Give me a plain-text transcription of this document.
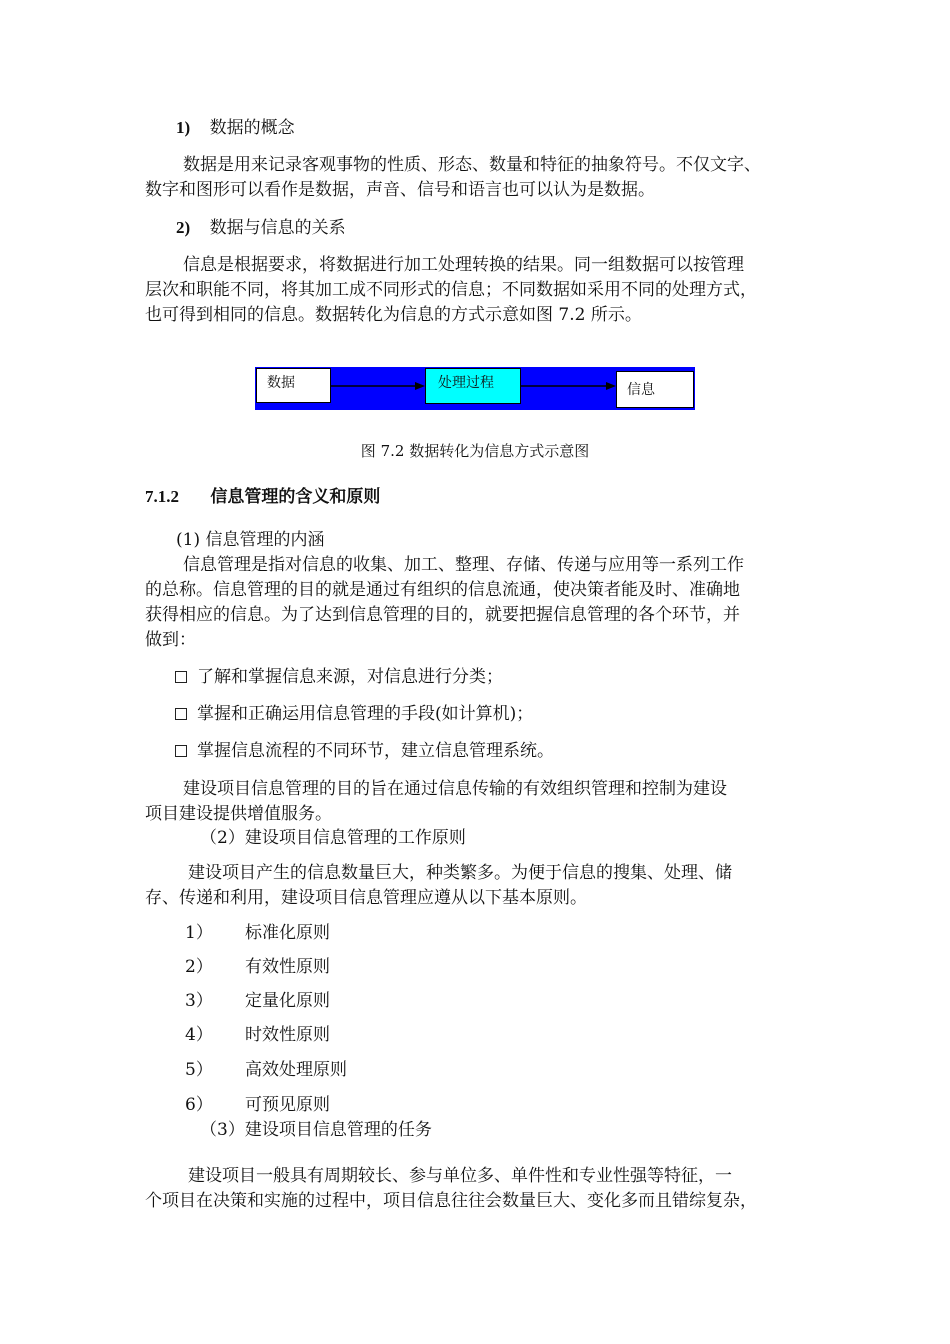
1) 数据的概念
数据是用来记录客观事物的性质、形态、数量和特征的抽象符号。不仅文字、
数字和图形可以看作是数据，声音、信号和语言也可以认为是数据。
2) 数据与信息的关系
信息是根据要求，将数据进行加工处理转换的结果。同一组数据可以按管理
层次和职能不同，将其加工成不同形式的信息；不同数据如采用不同的处理方式，
也可得到相同的信息。数据转化为信息的方式示意如图 7.2 所示。
数据	处理过程	信息
图 7.2 数据转化为信息方式示意图
7.1.2 信息管理的含义和原则
(1) 信息管理的内涵
信息管理是指对信息的收集、加工、整理、存储、传递与应用等一系列工作
的总称。信息管理的目的就是通过有组织的信息流通，使决策者能及时、准确地
获得相应的信息。为了达到信息管理的目的，就要把握信息管理的各个环节，并
做到：
了解和掌握信息来源，对信息进行分类；
掌握和正确运用信息管理的手段(如计算机)；
掌握信息流程的不同环节，建立信息管理系统。
建设项目信息管理的目的旨在通过信息传输的有效组织管理和控制为建设
项目建设提供增值服务。
（2）建设项目信息管理的工作原则
建设项目产生的信息数量巨大，种类繁多。为便于信息的搜集、处理、储
存、传递和利用，建设项目信息管理应遵从以下基本原则。
1） 标准化原则
2） 有效性原则
3） 定量化原则
4） 时效性原则
5） 高效处理原则
6） 可预见原则
（3）建设项目信息管理的任务
建设项目一般具有周期较长、参与单位多、单件性和专业性强等特征，一
个项目在决策和实施的过程中，项目信息往往会数量巨大、变化多而且错综复杂，
